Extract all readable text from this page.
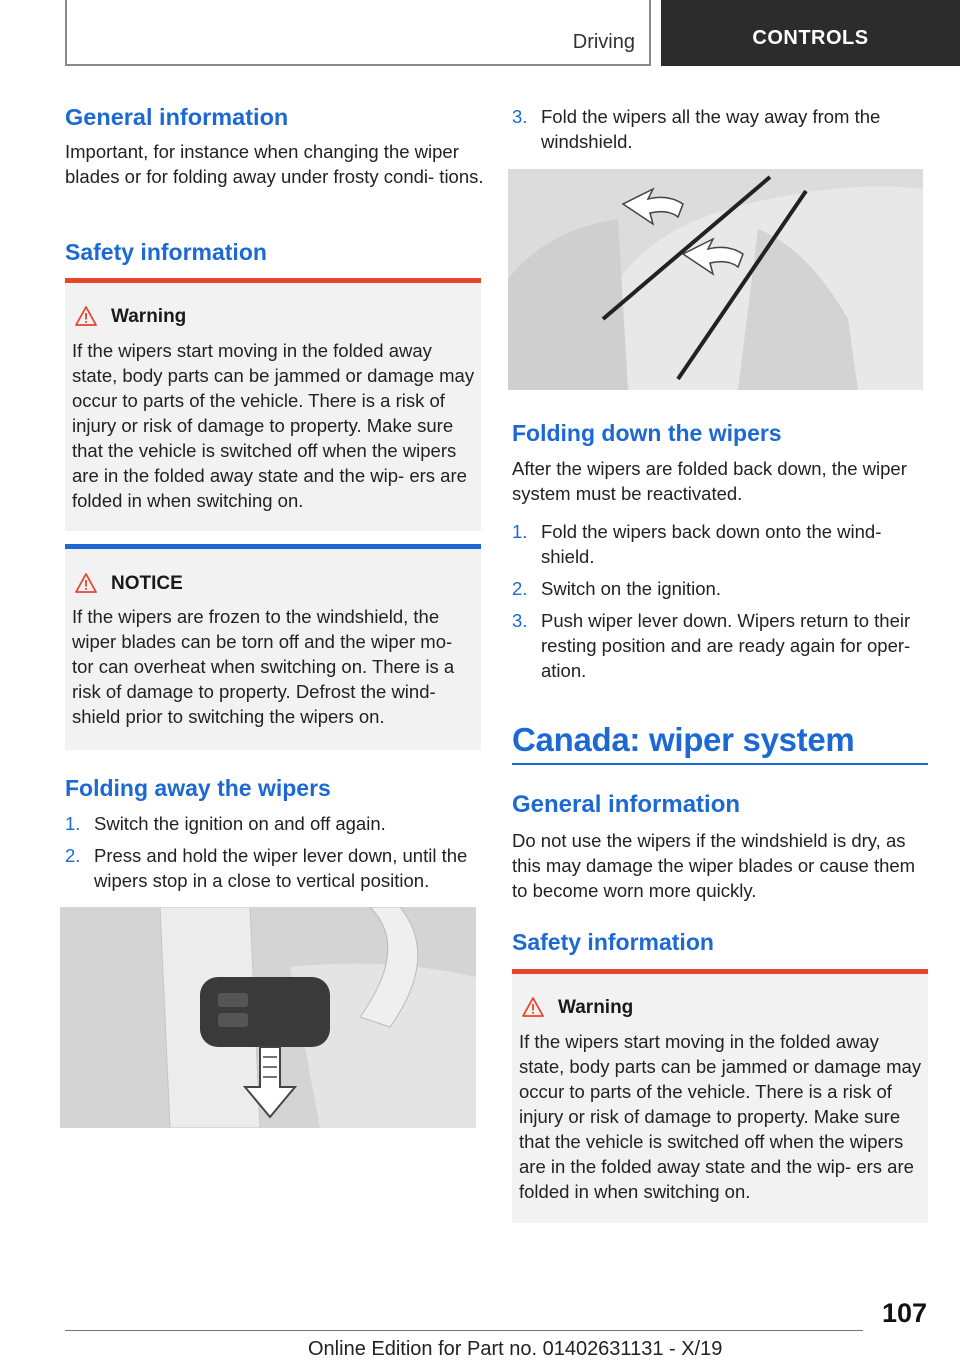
Driving	CONTROLS
General information

Important, for instance when changing the wiper blades or for folding away under frosty condi‐ tions.

Safety information
Warning
If the wipers start moving in the folded away state, body parts can be jammed or damage may occur to parts of the vehicle. There is a risk of injury or risk of damage to property. Make sure that the vehicle is switched off when the wipers are in the folded away state and the wip‐ ers are folded in when switching on.
NOTICE
If the wipers are frozen to the windshield, the wiper blades can be torn off and the wiper mo‐ tor can overheat when switching on. There is a risk of damage to property. Defrost the wind‐ shield prior to switching the wipers on.
Folding away the wipers
1. Switch the ignition on and off again.
2. Press and hold the wiper lever down, until the wipers stop in a close to vertical position.
3. Fold the wipers all the way away from the windshield.
Folding down the wipers

After the wipers are folded back down, the wiper system must be reactivated.

1. Fold the wipers back down onto the wind‐ shield.
2. Switch on the ignition.
3. Push wiper lever down. Wipers return to their resting position and are ready again for oper‐ ation.
Canada: wiper system
General information

Do not use the wipers if the windshield is dry, as this may damage the wiper blades or cause them to become worn more quickly.

Safety information
Warning
If the wipers start moving in the folded away state, body parts can be jammed or damage may occur to parts of the vehicle. There is a risk of injury or risk of damage to property. Make sure that the vehicle is switched off when the wipers are in the folded away state and the wip‐ ers are folded in when switching on.
107
Online Edition for Part no. 01402631131 - X/19
